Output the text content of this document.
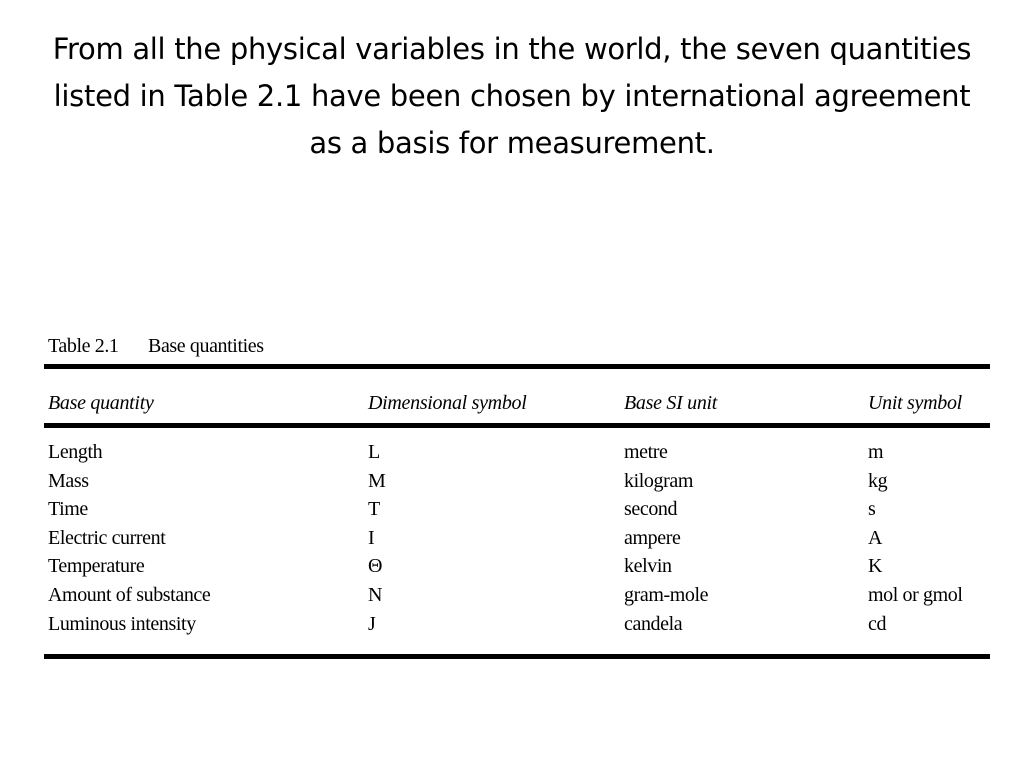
From all the physical variables in the world, the seven quantities listed in Table 2.1 have been chosen by international agreement as a basis for measurement.
Table 2.1 Base quantities
Base quantity	Dimensional symbol	Base SI unit	Unit symbol
Length	L	metre	m
Mass	M	kilogram	kg
Time	T	second	s
Electric current	I	ampere	A
Temperature	Θ	kelvin	K
Amount of substance	N	gram-mole	mol or gmol
Luminous intensity	J	candela	cd
